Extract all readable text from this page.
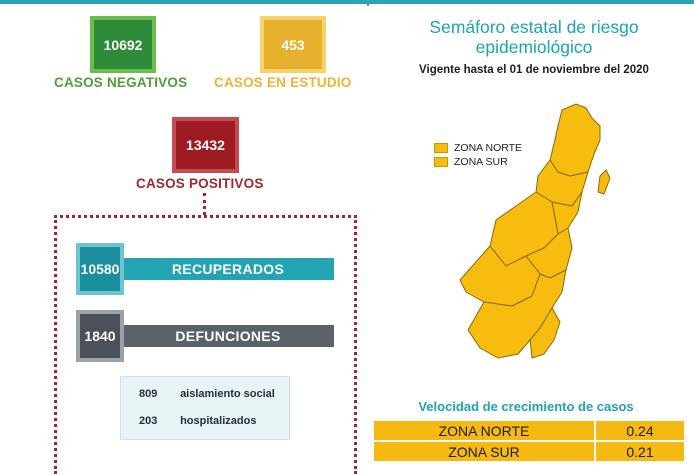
10692
CASOS NEGATIVOS
453
CASOS EN ESTUDIO
13432
CASOS POSITIVOS
RECUPERADOS
10580
DEFUNCIONES
1840
809 aislamiento social
203 hospitalizados
Semáforo estatal de riesgo epidemiológico
Vigente hasta el 01 de noviembre del 2020
ZONA NORTE
ZONA SUR
Velocidad de crecimiento de casos
ZONA NORTE	0.24
ZONA SUR	0.21
